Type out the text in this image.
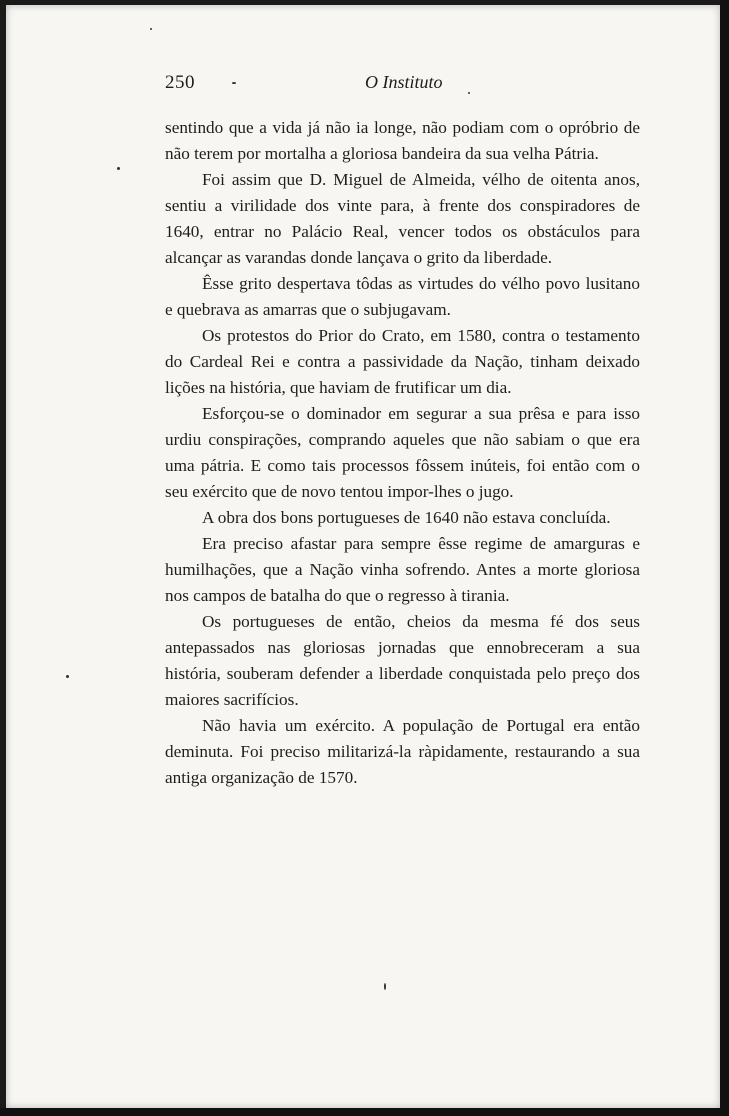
250	O Instituto

sentindo que a vida já não ia longe, não podiam com o opróbrio de não terem por mortalha a gloriosa bandeira da sua velha Pátria.

Foi assim que D. Miguel de Almeida, vélho de oitenta anos, sentiu a virilidade dos vinte para, à frente dos conspiradores de 1640, entrar no Palácio Real, vencer todos os obstáculos para alcançar as varandas donde lançava o grito da liberdade.

Êsse grito despertava tôdas as virtudes do vélho povo lusitano e quebrava as amarras que o subjugavam.

Os protestos do Prior do Crato, em 1580, contra o testamento do Cardeal Rei e contra a passividade da Nação, tinham deixado lições na história, que haviam de frutificar um dia.

Esforçou-se o dominador em segurar a sua prêsa e para isso urdiu conspirações, comprando aqueles que não sabiam o que era uma pátria. E como tais processos fôssem inúteis, foi então com o seu exército que de novo tentou impor-lhes o jugo.

A obra dos bons portugueses de 1640 não estava concluída.

Era preciso afastar para sempre êsse regime de amarguras e humilhações, que a Nação vinha sofrendo. Antes a morte gloriosa nos campos de batalha do que o regresso à tirania.

Os portugueses de então, cheios da mesma fé dos seus antepassados nas gloriosas jornadas que ennobreceram a sua história, souberam defender a liberdade conquistada pelo preço dos maiores sacrifícios.

Não havia um exército. A população de Portugal era então deminuta. Foi preciso militarizá-la ràpidamente, restaurando a sua antiga organização de 1570.
